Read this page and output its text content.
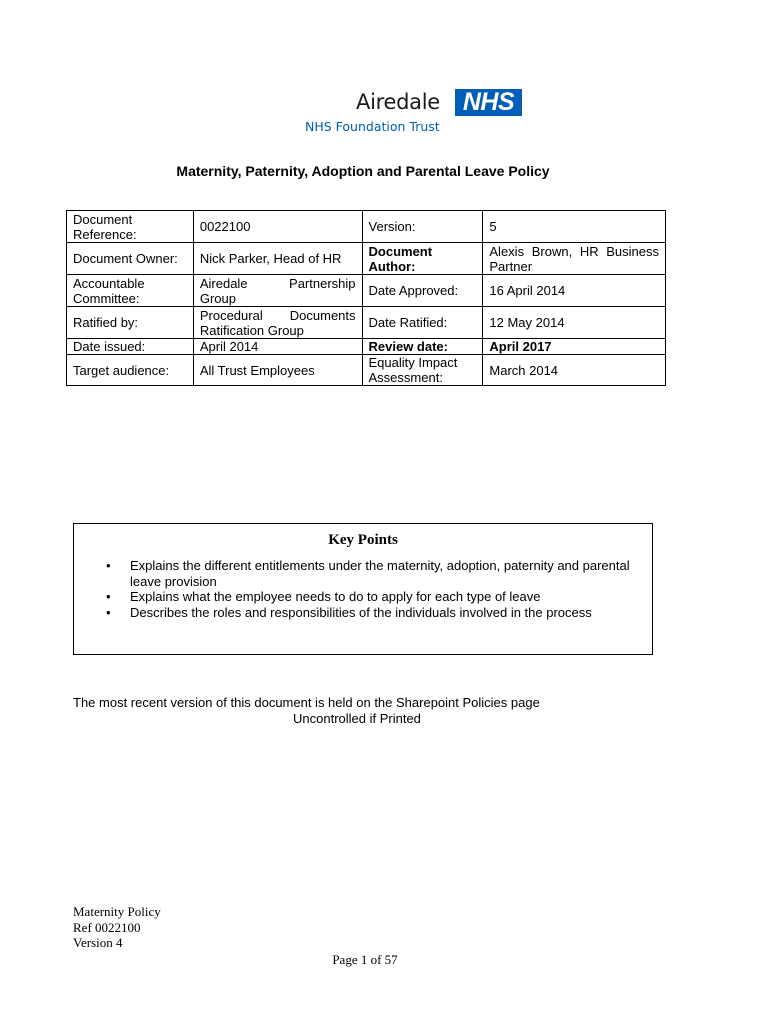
Airedale NHS
NHS Foundation Trust
Maternity, Paternity, Adoption and Parental Leave Policy
Document Reference:	0022100	Version:	5
Document Owner:	Nick Parker, Head of HR	Document Author:	Alexis Brown, HR Business Partner
Accountable Committee:	Airedale Partnership Group	Date Approved:	16 April 2014
Ratified by:	Procedural Documents Ratification Group	Date Ratified:	12 May 2014
Date issued:	April 2014	Review date:	April 2017
Target audience:	All Trust Employees	Equality Impact Assessment:	March 2014
Key Points
• Explains the different entitlements under the maternity, adoption, paternity and parental leave provision
• Explains what the employee needs to do to apply for each type of leave
• Describes the roles and responsibilities of the individuals involved in the process
The most recent version of this document is held on the Sharepoint Policies page
Uncontrolled if Printed
Maternity Policy
Ref 0022100
Version 4
Page 1 of 57
